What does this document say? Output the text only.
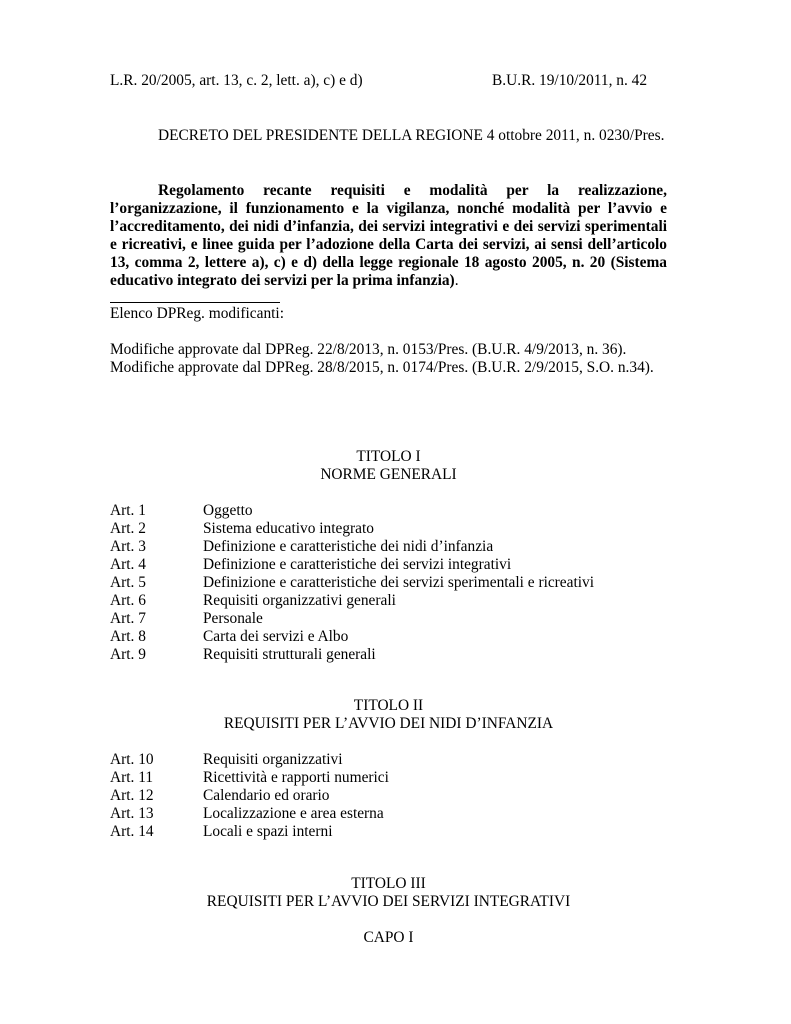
L.R. 20/2005, art. 13, c. 2, lett. a), c) e d)	B.U.R. 19/10/2011, n. 42

DECRETO DEL PRESIDENTE DELLA REGIONE 4 ottobre 2011, n. 0230/Pres.

Regolamento recante requisiti e modalità per la realizzazione, l’organizzazione, il funzionamento e la vigilanza, nonché modalità per l’avvio e l’accreditamento, dei nidi d’infanzia, dei servizi integrativi e dei servizi sperimentali e ricreativi, e linee guida per l’adozione della Carta dei servizi, ai sensi dell’articolo 13, comma 2, lettere a), c) e d) della legge regionale 18 agosto 2005, n. 20 (Sistema educativo integrato dei servizi per la prima infanzia).

Elenco DPReg. modificanti:
Modifiche approvate dal DPReg. 22/8/2013, n. 0153/Pres. (B.U.R. 4/9/2013, n. 36).
Modifiche approvate dal DPReg. 28/8/2015, n. 0174/Pres. (B.U.R. 2/9/2015, S.O. n.34).
TITOLO I
NORME GENERALI
Art. 1	Oggetto
Art. 2	Sistema educativo integrato
Art. 3	Definizione e caratteristiche dei nidi d’infanzia
Art. 4	Definizione e caratteristiche dei servizi integrativi
Art. 5	Definizione e caratteristiche dei servizi sperimentali e ricreativi
Art. 6	Requisiti organizzativi generali
Art. 7	Personale
Art. 8	Carta dei servizi e Albo
Art. 9	Requisiti strutturali generali
TITOLO II
REQUISITI PER L’AVVIO DEI NIDI D’INFANZIA
Art. 10	Requisiti organizzativi
Art. 11	Ricettività e rapporti numerici
Art. 12	Calendario ed orario
Art. 13	Localizzazione e area esterna
Art. 14	Locali e spazi interni
TITOLO III
REQUISITI PER L’AVVIO DEI SERVIZI INTEGRATIVI
CAPO I
